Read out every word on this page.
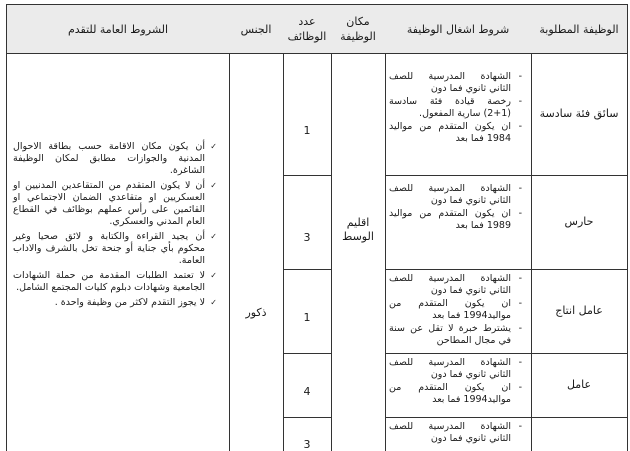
الوظيفة المطلوبة
شروط اشغال الوظيفة
مكان الوظيفة
عدد الوظائف
الجنس
الشروط العامة للتقدم
سائق فئة سادسة
- الشهادة المدرسية للصف الثاني ثانوي فما دون
- رخصة قيادة فئة سادسة (1+2) سارية المفعول.
- ان يكون المتقدم من مواليد 1984 فما بعد
1
حارس
- الشهادة المدرسية للصف الثاني ثانوي فما دون
- ان يكون المتقدم من مواليد 1989 فما بعد
3
عامل انتاج
- الشهادة المدرسية للصف الثاني ثانوي فما دون
- ان يكون المتقدم من مواليد1994 فما بعد
- يشترط خبرة لا تقل عن سنة في مجال المطاحن
1
عامل
- الشهادة المدرسية للصف الثاني ثانوي فما دون
- ان يكون المتقدم من مواليد1994 فما بعد
4
- الشهادة المدرسية للصف الثاني ثانوي فما دون
3
اقليم الوسط
ذكور
✓ أن يكون مكان الاقامة حسب بطاقة الاحوال المدنية والجوازات مطابق لمكان الوظيفة الشاغرة.
✓ أن لا يكون المتقدم من المتقاعدين المدنيين او العسكريين او متقاعدي الضمان الاجتماعي او القائمين على رأس عملهم بوظائف في القطاع العام المدني والعسكري.
✓ أن يجيد القراءة والكتابة و لائق صحيا وغير محكوم بأي جناية أو جنحة تخل بالشرف والاداب العامة.
✓ لا تعتمد الطلبات المقدمة من حملة الشهادات الجامعية وشهادات دبلوم كليات المجتمع الشامل.
✓ لا يجوز التقدم لاكثر من وظيفة واحدة .
